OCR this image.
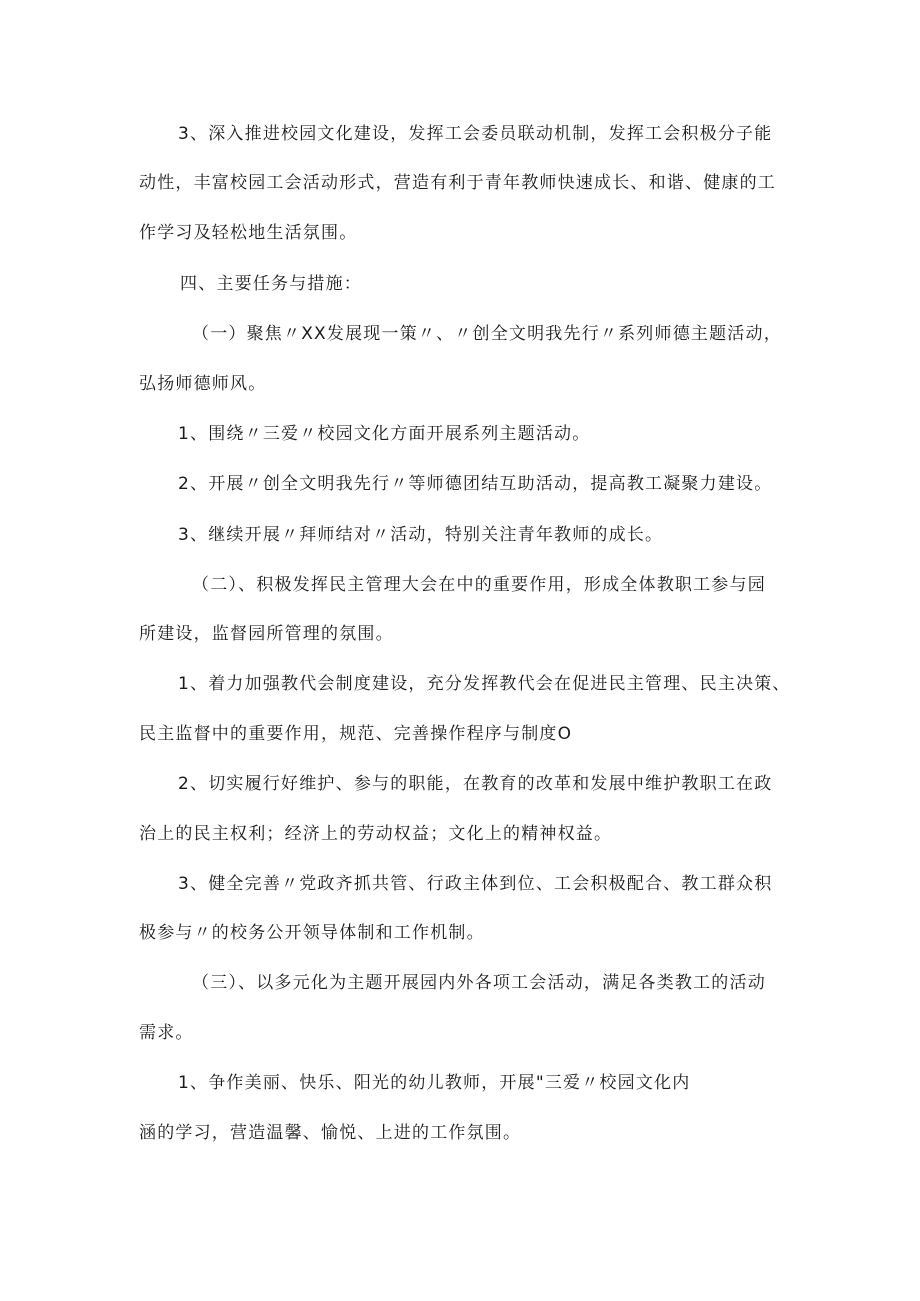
3、深入推进校园文化建设，发挥工会委员联动机制，发挥工会积极分子能
动性，丰富校园工会活动形式，营造有利于青年教师快速成长、和谐、健康的工
作学习及轻松地生活氛围。
四、主要任务与措施：
（一）聚焦〃XX发展现一策〃、〃创全文明我先行〃系列师德主题活动，
弘扬师德师风。
1、围绕〃三爱〃校园文化方面开展系列主题活动。
2、开展〃创全文明我先行〃等师德团结互助活动，提高教工凝聚力建设。
3、继续开展〃拜师结对〃活动，特别关注青年教师的成长。
（二）、积极发挥民主管理大会在中的重要作用，形成全体教职工参与园
所建设，监督园所管理的氛围。
1、着力加强教代会制度建设，充分发挥教代会在促进民主管理、民主决策、
民主监督中的重要作用，规范、完善操作程序与制度O
2、切实履行好维护、参与的职能，在教育的改革和发展中维护教职工在政
治上的民主权利；经济上的劳动权益；文化上的精神权益。
3、健全完善〃党政齐抓共管、行政主体到位、工会积极配合、教工群众积
极参与〃的校务公开领导体制和工作机制。
（三）、以多元化为主题开展园内外各项工会活动，满足各类教工的活动
需求。
1、争作美丽、快乐、阳光的幼儿教师，开展"三爱〃校园文化内
涵的学习，营造温馨、愉悦、上进的工作氛围。
